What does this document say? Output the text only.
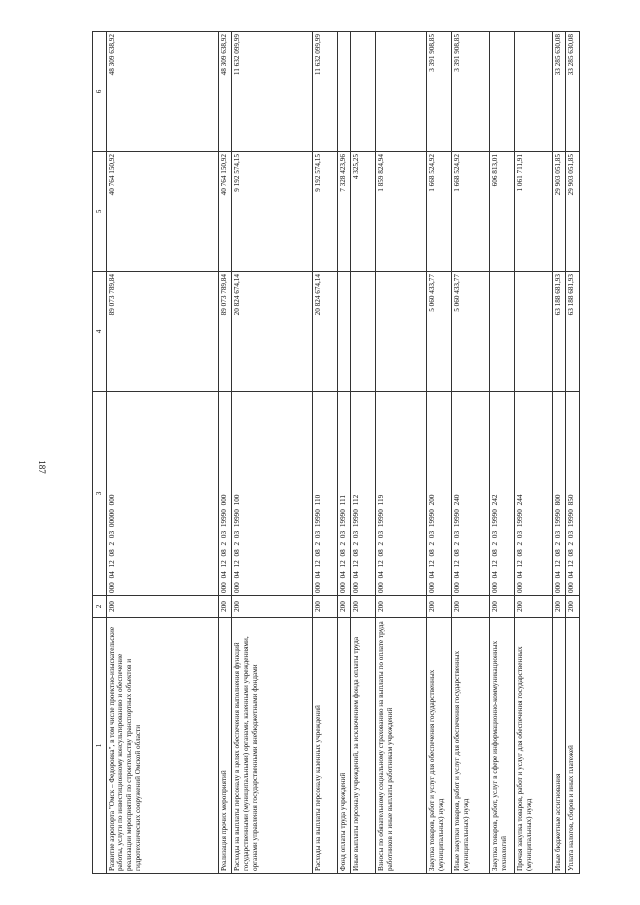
187
1	2	3	4	5	6
Развитие аэропорта "Омск – Федоровка", в том числе проектно-изыскательские работы, услуги по инвестиционному консультированию и обеспечение реализации мероприятий по строительству транспортных объектов и гидротехнических сооружений Омской области	200	000 04 12 08 2 03 00000 000	89 073 789,84	40 764 150,92	48 309 638,92
Реализация прочих мероприятий	200	000 04 12 08 2 03 19990 000	89 073 789,84	40 764 150,92	48 309 638,92
Расходы на выплаты персоналу в целях обеспечения выполнения функций государственными (муниципальными) органами, казенными учреждениями, органами управления государственными внебюджетными фондами	200	000 04 12 08 2 03 19990 100	20 824 674,14	9 192 574,15	11 632 099,99
Расходы на выплаты персоналу казенных учреждений	200	000 04 12 08 2 03 19990 110	20 824 674,14	9 192 574,15	11 632 099,99
Фонд оплаты труда учреждений	200	000 04 12 08 2 03 19990 111		7 328 423,96	
Иные выплаты персоналу учреждений, за исключением фонда оплаты труда	200	000 04 12 08 2 03 19990 112		4 325,25	
Взносы по обязательному социальному страхованию на выплаты по оплате труда работников и иные выплаты работникам учреждений	200	000 04 12 08 2 03 19990 119		1 859 824,94	
Закупка товаров, работ и услуг для обеспечения государственных (муниципальных) нужд	200	000 04 12 08 2 03 19990 200	5 060 433,77	1 668 524,92	3 391 908,85
Иные закупки товаров, работ и услуг для обеспечения государственных (муниципальных) нужд	200	000 04 12 08 2 03 19990 240	5 060 433,77	1 668 524,92	3 391 908,85
Закупка товаров, работ, услуг в сфере информационно-коммуникационных технологий	200	000 04 12 08 2 03 19990 242		606 813,01	
Прочая закупка товаров, работ и услуг для обеспечения государственных (муниципальных) нужд	200	000 04 12 08 2 03 19990 244		1 061 711,91	
Иные бюджетные ассигнования	200	000 04 12 08 2 03 19990 800	63 188 681,93	29 903 051,85	33 285 630,08
Уплата налогов, сборов и иных платежей	200	000 04 12 08 2 03 19990 850	63 188 681,93	29 903 051,85	33 285 630,08
